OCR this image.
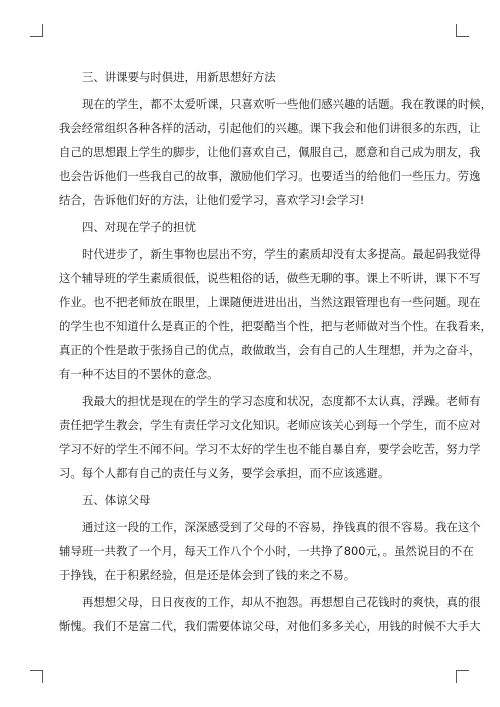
三、讲课要与时俱进，用新思想好方法
现在的学生，都不太爱听课，只喜欢听一些他们感兴趣的话题。我在教课的时候，
我会经常组织各种各样的活动，引起他们的兴趣。课下我会和他们讲很多的东西，让
自己的思想跟上学生的脚步，让他们喜欢自己，佩服自己，愿意和自己成为朋友，我
也会告诉他们一些我自己的故事，激励他们学习。也要适当的给他们一些压力。劳逸
结合，告诉他们好的方法，让他们爱学习，喜欢学习!会学习!
四、对现在学子的担忧
时代进步了，新生事物也层出不穷，学生的素质却没有太多提高。最起码我觉得
这个辅导班的学生素质很低，说些粗俗的话，做些无聊的事。课上不听讲，课下不写
作业。也不把老师放在眼里，上课随便进进出出，当然这跟管理也有一些问题。现在
的学生也不知道什么是真正的个性，把耍酷当个性，把与老师做对当个性。在我看来，
真正的个性是敢于张扬自己的优点，敢做敢当，会有自己的人生理想，并为之奋斗，
有一种不达目的不罢休的意念。
我最大的担忧是现在的学生的学习态度和状况，态度都不太认真，浮躁。老师有
责任把学生教会，学生有责任学习文化知识。老师应该关心到每一个学生，而不应对
学习不好的学生不闻不问。学习不太好的学生也不能自暴自弃，要学会吃苦，努力学
习。每个人都有自己的责任与义务，要学会承担，而不应该逃避。
五、体谅父母
通过这一段的工作，深深感受到了父母的不容易，挣钱真的很不容易。我在这个
辅导班一共教了一个月，每天工作八个个小时，一共挣了800元，。虽然说目的不在
于挣钱，在于积累经验，但是还是体会到了钱的来之不易。
再想想父母，日日夜夜的工作，却从不抱怨。再想想自己花钱时的爽快，真的很
惭愧。我们不是富二代，我们需要体谅父母，对他们多多关心，用钱的时候不大手大
